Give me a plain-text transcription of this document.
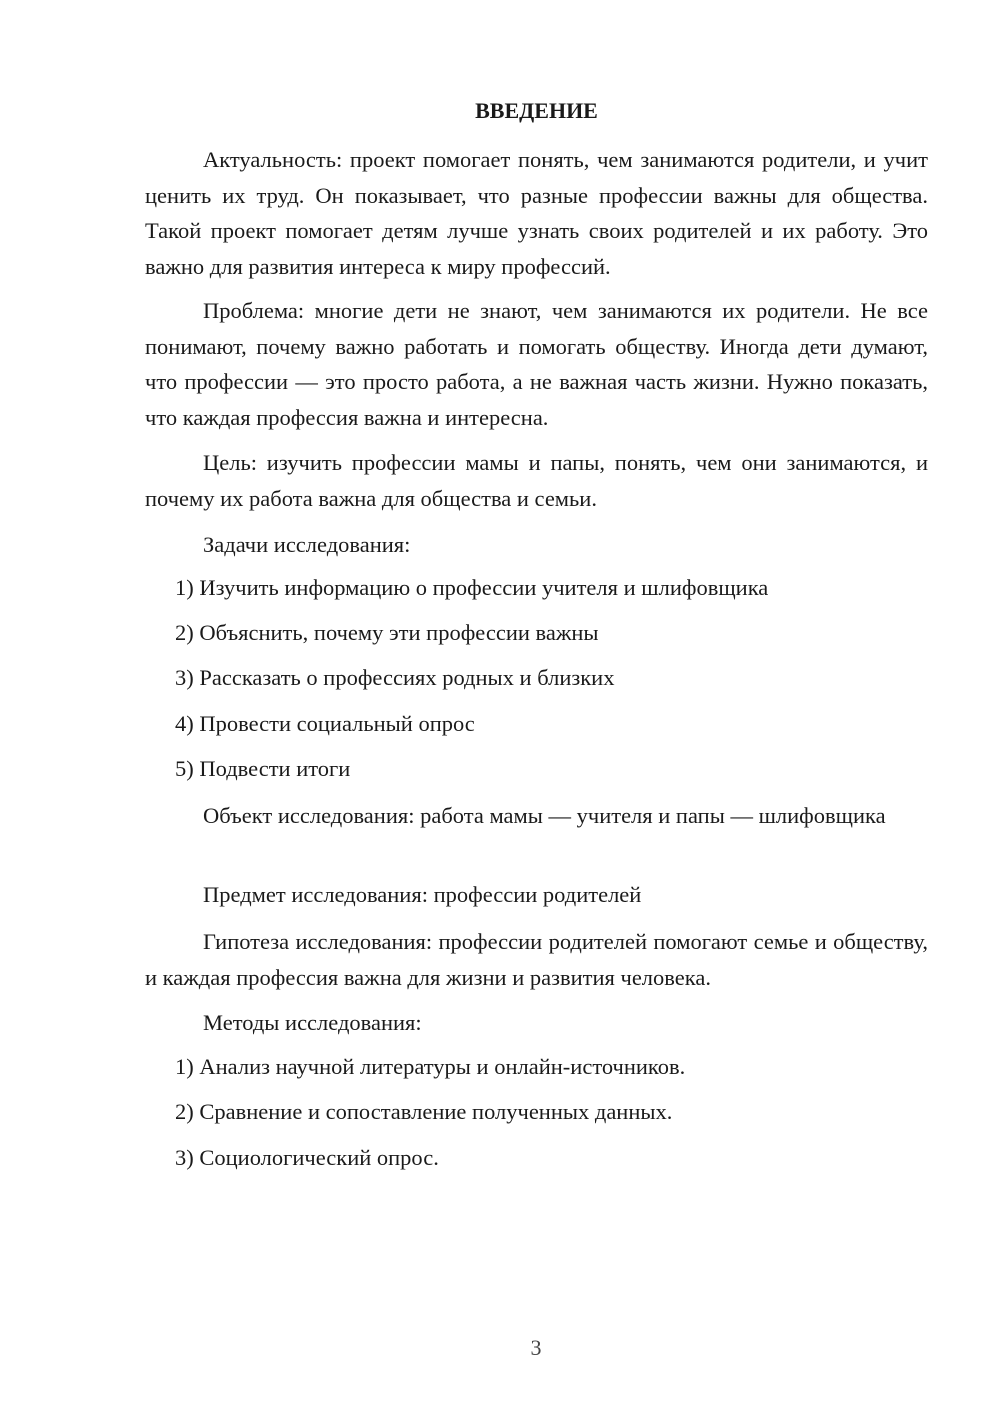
ВВЕДЕНИЕ

Актуальность: проект помогает понять, чем занимаются родители, и учит ценить их труд. Он показывает, что разные профессии важны для общества. Такой проект помогает детям лучше узнать своих родителей и их работу. Это важно для развития интереса к миру профессий.

Проблема: многие дети не знают, чем занимаются их родители. Не все понимают, почему важно работать и помогать обществу. Иногда дети думают, что профессии — это просто работа, а не важная часть жизни. Нужно показать, что каждая профессия важна и интересна.

Цель: изучить профессии мамы и папы, понять, чем они занимаются, и почему их работа важна для общества и семьи.

Задачи исследования:

1) Изучить информацию о профессии учителя и шлифовщика

2) Объяснить, почему эти профессии важны

3) Рассказать о профессиях родных и близких

4) Провести социальный опрос

5) Подвести итоги

Объект исследования: работа мамы — учителя и папы — шлифовщика

Предмет исследования: профессии родителей

Гипотеза исследования: профессии родителей помогают семье и обществу, и каждая профессия важна для жизни и развития человека.

Методы исследования:

1) Анализ научной литературы и онлайн-источников.

2) Сравнение и сопоставление полученных данных.

3) Социологический опрос.

3
